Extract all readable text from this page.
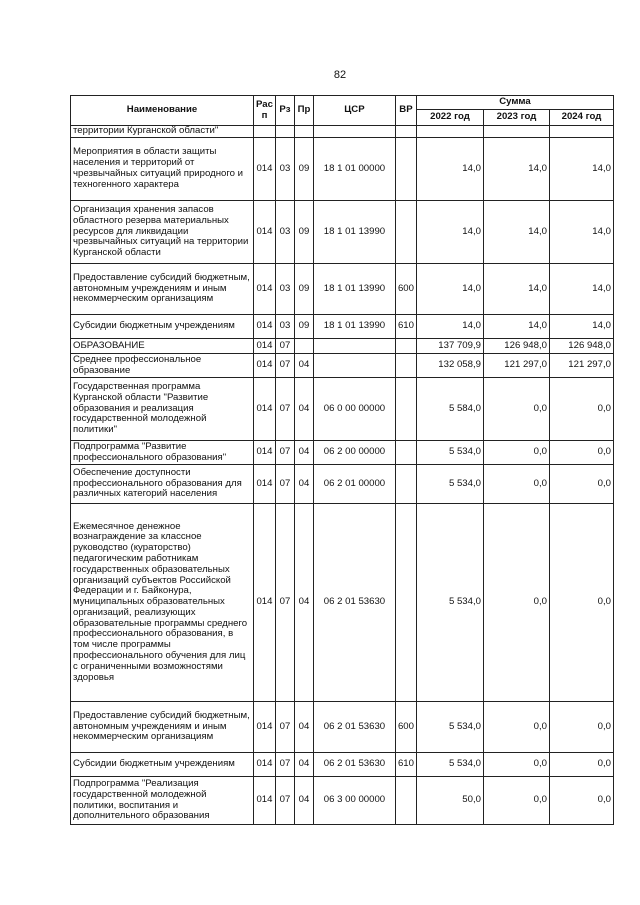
82
Наименование	Рас п	Рз	Пр	ЦСР	ВР	Сумма		
						2022 год	2023 год	2024 год
территории Курганской области"								
Мероприятия в области защиты населения и территорий от чрезвычайных ситуаций природного и техногенного характера	014	03	09	18 1 01 00000		14,0	14,0	14,0
Организация хранения запасов областного резерва материальных ресурсов для ликвидации чрезвычайных ситуаций на территории Курганской области	014	03	09	18 1 01 13990		14,0	14,0	14,0
Предоставление субсидий бюджетным, автономным учреждениям и иным некоммерческим организациям	014	03	09	18 1 01 13990	600	14,0	14,0	14,0
Субсидии бюджетным учреждениям	014	03	09	18 1 01 13990	610	14,0	14,0	14,0
ОБРАЗОВАНИЕ	014	07				137 709,9	126 948,0	126 948,0
Среднее профессиональное образование	014	07	04			132 058,9	121 297,0	121 297,0
Государственная программа Курганской области "Развитие образования и реализация государственной молодежной политики"	014	07	04	06 0 00 00000		5 584,0	0,0	0,0
Подпрограмма "Развитие профессионального образования"	014	07	04	06 2 00 00000		5 534,0	0,0	0,0
Обеспечение доступности профессионального образования для различных категорий населения	014	07	04	06 2 01 00000		5 534,0	0,0	0,0
Ежемесячное денежное вознаграждение за классное руководство (кураторство) педагогическим работникам государственных образовательных организаций субъектов Российской Федерации и г. Байконура, муниципальных образовательных организаций, реализующих образовательные программы среднего профессионального образования, в том числе программы профессионального обучения для лиц с ограниченными возможностями здоровья	014	07	04	06 2 01 53630		5 534,0	0,0	0,0
Предоставление субсидий бюджетным, автономным учреждениям и иным некоммерческим организациям	014	07	04	06 2 01 53630	600	5 534,0	0,0	0,0
Субсидии бюджетным учреждениям	014	07	04	06 2 01 53630	610	5 534,0	0,0	0,0
Подпрограмма "Реализация государственной молодежной политики, воспитания и дополнительного образования	014	07	04	06 3 00 00000		50,0	0,0	0,0
